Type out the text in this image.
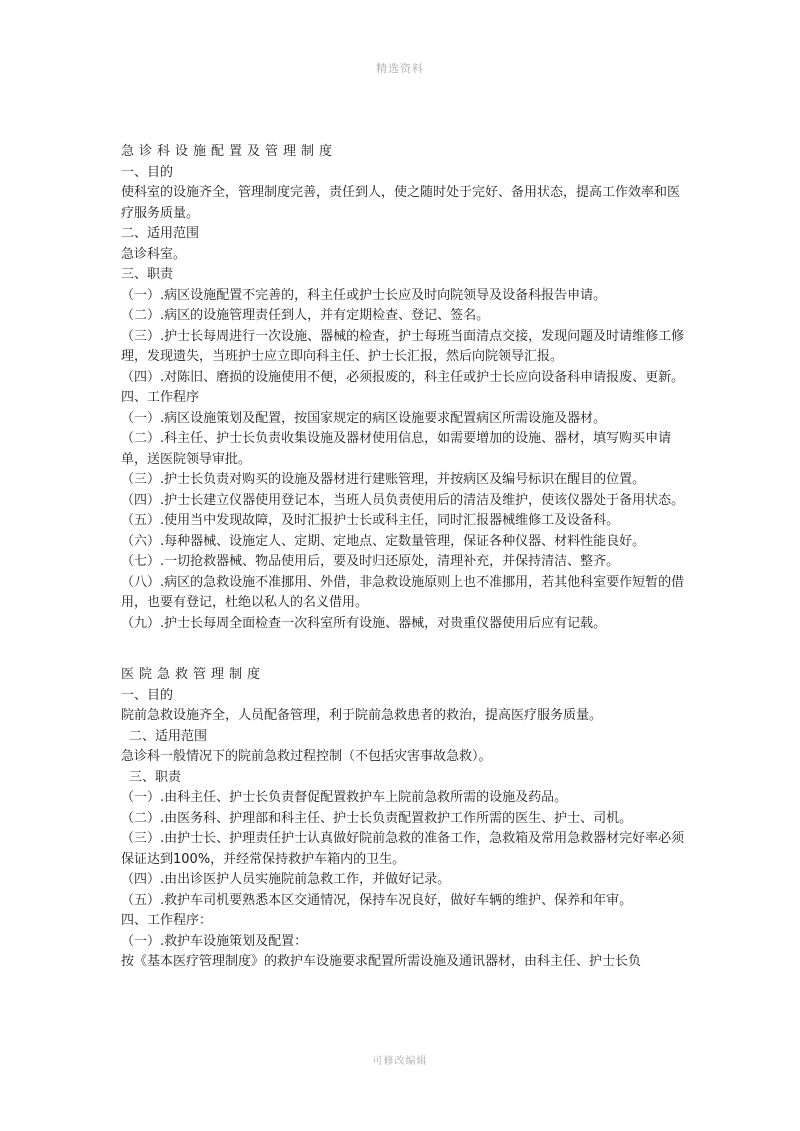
精选资料

急诊科设施配置及管理制度

一、目的

使科室的设施齐全，管理制度完善，责任到人，使之随时处于完好、备用状态，提高工作效率和医疗服务质量。

二、适用范围

急诊科室。

三、职责

（一）.病区设施配置不完善的，科主任或护士长应及时向院领导及设备科报告申请。

（二）.病区的设施管理责任到人，并有定期检查、登记、签名。

（三）.护士长每周进行一次设施、器械的检查，护士每班当面清点交接，发现问题及时请维修工修理，发现遗失，当班护士应立即向科主任、护士长汇报，然后向院领导汇报。

（四）.对陈旧、磨损的设施使用不便，必须报废的，科主任或护士长应向设备科申请报废、更新。

四、工作程序

（一）.病区设施策划及配置，按国家规定的病区设施要求配置病区所需设施及器材。

（二）.科主任、护士长负责收集设施及器材使用信息，如需要增加的设施、器材，填写购买申请单，送医院领导审批。

（三）.护士长负责对购买的设施及器材进行建账管理，并按病区及编号标识在醒目的位置。

（四）.护士长建立仪器使用登记本，当班人员负责使用后的清洁及维护，使该仪器处于备用状态。

（五）.使用当中发现故障，及时汇报护士长或科主任，同时汇报器械维修工及设备科。

（六）.每种器械、设施定人、定期、定地点、定数量管理，保证各种仪器、材料性能良好。

（七）.一切抢救器械、物品使用后，要及时归还原处，清理补充，并保持清洁、整齐。

（八）.病区的急救设施不准挪用、外借，非急救设施原则上也不准挪用，若其他科室要作短暂的借用，也要有登记，杜绝以私人的名义借用。

（九）.护士长每周全面检查一次科室所有设施、器械，对贵重仪器使用后应有记载。

医院急救管理制度

一、目的

院前急救设施齐全，人员配备管理，利于院前急救患者的救治，提高医疗服务质量。

二、适用范围

急诊科一般情况下的院前急救过程控制（不包括灾害事故急救）。

三、职责

（一）.由科主任、护士长负责督促配置救护车上院前急救所需的设施及药品。

（二）.由医务科、护理部和科主任、护士长负责配置救护工作所需的医生、护士、司机。

（三）.由护士长、护理责任护士认真做好院前急救的准备工作，急救箱及常用急救器材完好率必须保证达到100%，并经常保持救护车箱内的卫生。

（四）.由出诊医护人员实施院前急救工作，并做好记录。

（五）.救护车司机要熟悉本区交通情况，保持车况良好，做好车辆的维护、保养和年审。

四、工作程序：

（一）.救护车设施策划及配置：

按《基本医疗管理制度》的救护车设施要求配置所需设施及通讯器材，由科主任、护士长负

可修改编辑
